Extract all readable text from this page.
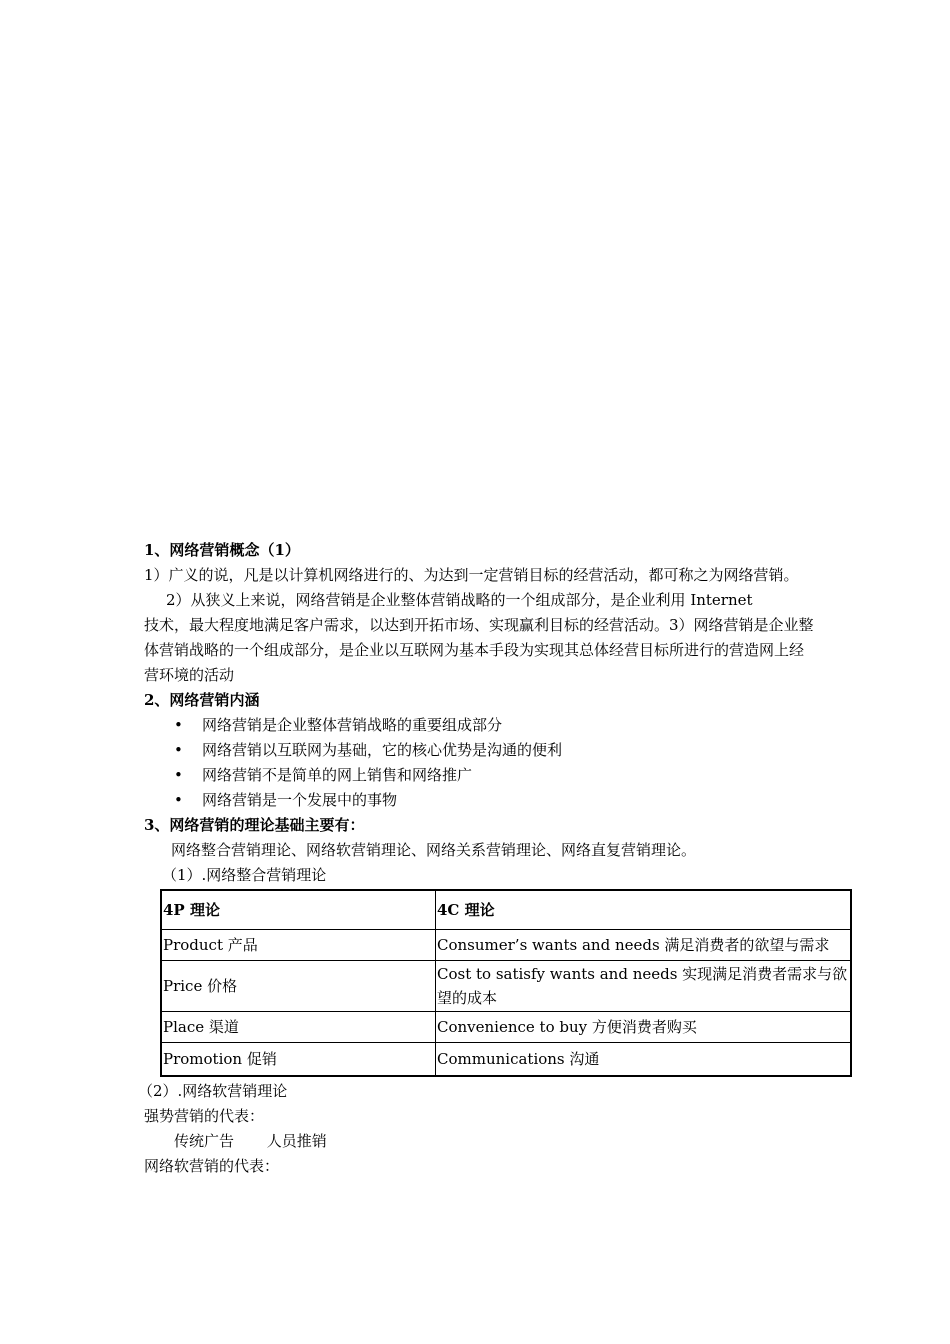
1、网络营销概念（1）
1）广义的说，凡是以计算机网络进行的、为达到一定营销目标的经营活动，都可称之为网络营销。
2）从狭义上来说，网络营销是企业整体营销战略的一个组成部分，是企业利用 Internet
技术，最大程度地满足客户需求，以达到开拓市场、实现赢利目标的经营活动。3）网络营销是企业整体营销战略的一个组成部分，是企业以互联网为基本手段为实现其总体经营目标所进行的营造网上经营环境的活动
2、网络营销内涵
• 网络营销是企业整体营销战略的重要组成部分
• 网络营销以互联网为基础，它的核心优势是沟通的便利
• 网络营销不是简单的网上销售和网络推广
• 网络营销是一个发展中的事物
3、网络营销的理论基础主要有：
网络整合营销理论、网络软营销理论、网络关系营销理论、网络直复营销理论。
（1）.网络整合营销理论
4P 理论	4C 理论
Product 产品	Consumer’s wants and needs 满足消费者的欲望与需求
Price 价格	Cost to satisfy wants and needs 实现满足消费者需求与欲望的成本
Place 渠道	Convenience to buy 方便消费者购买
Promotion 促销	Communications 沟通
（2）.网络软营销理论
强势营销的代表：
传统广告 人员推销
网络软营销的代表：
